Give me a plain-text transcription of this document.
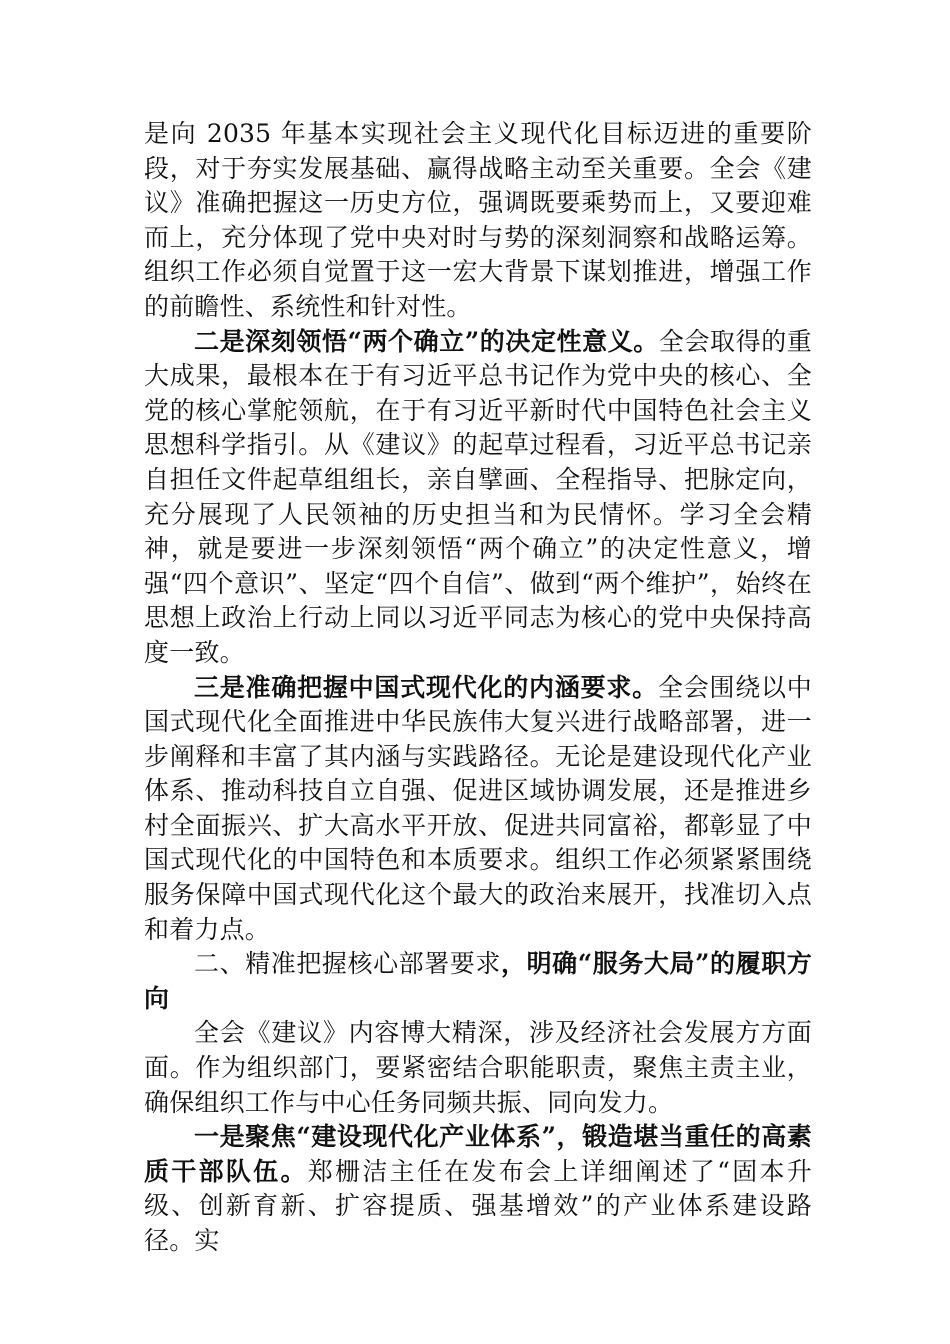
是向 2035 年基本实现社会主义现代化目标迈进的重要阶段，对于夯实发展基础、赢得战略主动至关重要。全会《建议》准确把握这一历史方位，强调既要乘势而上，又要迎难而上，充分体现了党中央对时与势的深刻洞察和战略运筹。组织工作必须自觉置于这一宏大背景下谋划推进，增强工作的前瞻性、系统性和针对性。

二是深刻领悟“两个确立”的决定性意义。全会取得的重大成果，最根本在于有习近平总书记作为党中央的核心、全党的核心掌舵领航，在于有习近平新时代中国特色社会主义思想科学指引。从《建议》的起草过程看，习近平总书记亲自担任文件起草组组长，亲自擘画、全程指导、把脉定向，充分展现了人民领袖的历史担当和为民情怀。学习全会精神，就是要进一步深刻领悟“两个确立”的决定性意义，增强“四个意识”、坚定“四个自信”、做到“两个维护”，始终在思想上政治上行动上同以习近平同志为核心的党中央保持高度一致。

三是准确把握中国式现代化的内涵要求。全会围绕以中国式现代化全面推进中华民族伟大复兴进行战略部署，进一步阐释和丰富了其内涵与实践路径。无论是建设现代化产业体系、推动科技自立自强、促进区域协调发展，还是推进乡村全面振兴、扩大高水平开放、促进共同富裕，都彰显了中国式现代化的中国特色和本质要求。组织工作必须紧紧围绕服务保障中国式现代化这个最大的政治来展开，找准切入点和着力点。

二、精准把握核心部署要求，明确“服务大局”的履职方向

全会《建议》内容博大精深，涉及经济社会发展方方面面。作为组织部门，要紧密结合职能职责，聚焦主责主业，确保组织工作与中心任务同频共振、同向发力。

一是聚焦“建设现代化产业体系”，锻造堪当重任的高素质干部队伍。郑栅洁主任在发布会上详细阐述了“固本升级、创新育新、扩容提质、强基增效”的产业体系建设路径。实
